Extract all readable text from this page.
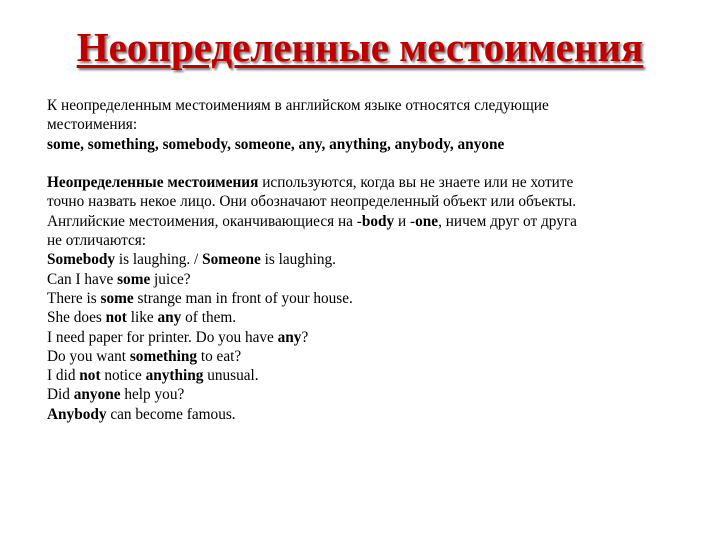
Неопределенные местоимения
К неопределенным местоимениям в английском языке относятся следующие
местоимения:
some, something, somebody, someone, any, anything, anybody, anyone
Неопределенные местоимения используются, когда вы не знаете или не хотите
точно назвать некое лицо. Они обозначают неопределенный объект или объекты.
Английские местоимения, оканчивающиеся на -body и -one, ничем друг от друга
не отличаются:
Somebody is laughing. / Someone is laughing.
Can I have some juice?
There is some strange man in front of your house.
She does not like any of them.
I need paper for printer. Do you have any?
Do you want something to eat?
I did not notice anything unusual.
Did anyone help you?
Anybody can become famous.
